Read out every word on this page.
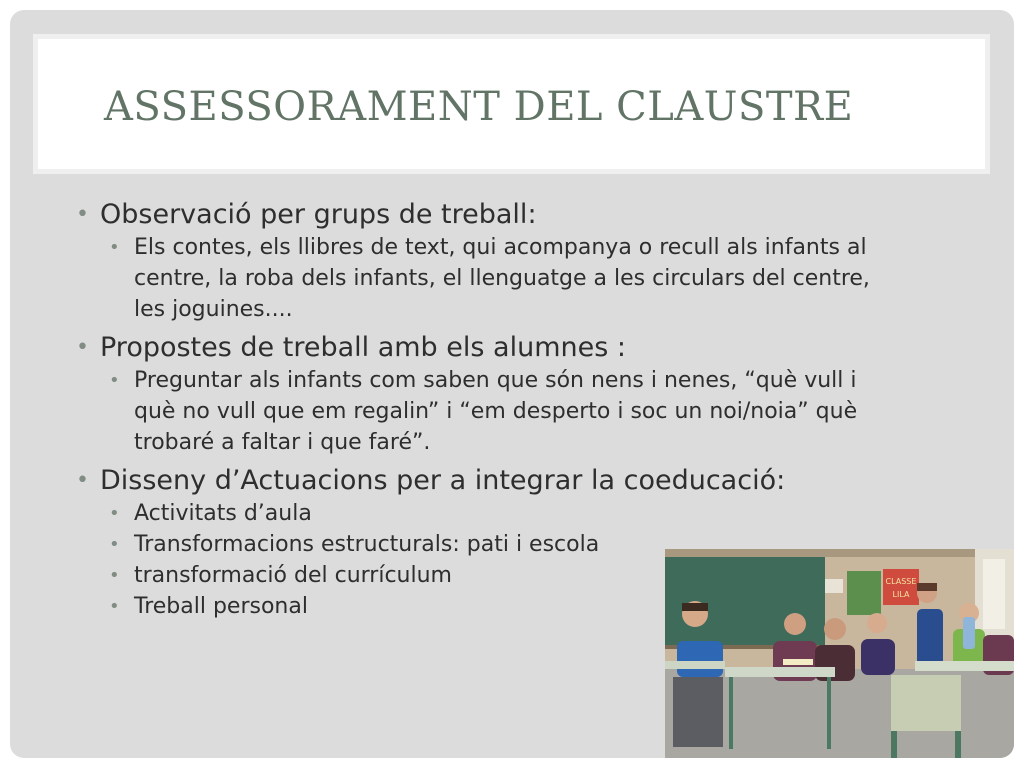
ASSESSORAMENT DEL CLAUSTRE
• Observació per grups de treball:
• Els contes, els llibres de text, qui acompanya o recull als infants al centre, la roba dels infants, el llenguatge a les circulars del centre, les joguines....
• Propostes de treball amb els alumnes :
• Preguntar als infants com saben que són nens i nenes, “què vull i què no vull que em regalin” i “em desperto i soc un noi/noia” què trobaré a faltar i que faré”.
• Disseny d’Actuacions per a integrar la coeducació:
• Activitats d’aula
• Transformacions estructurals: pati i escola
• transformació del currículum
• Treball personal
CLASSE
LILA
